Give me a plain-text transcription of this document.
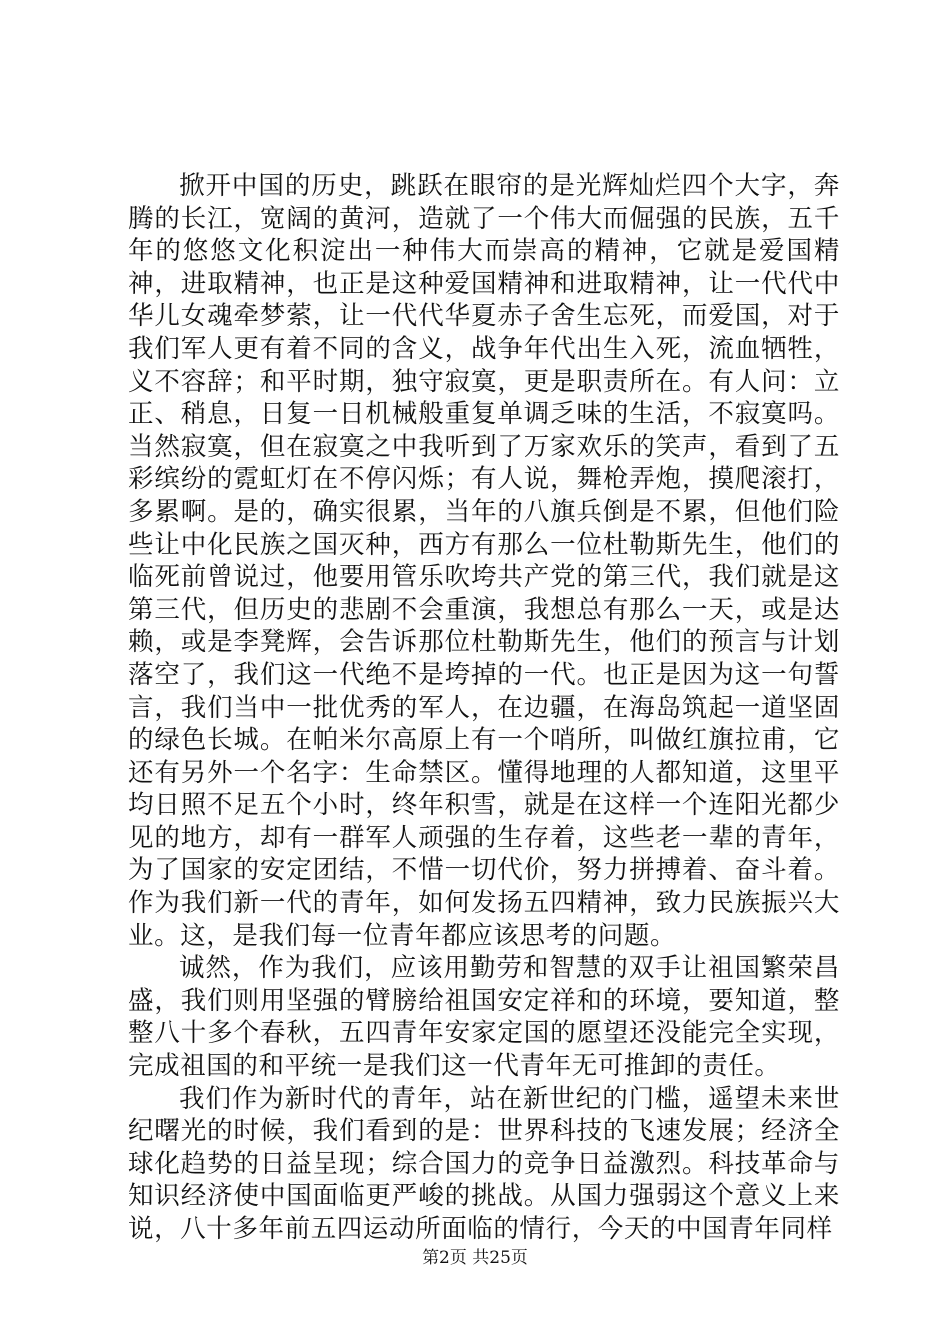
掀开中国的历史，跳跃在眼帘的是光辉灿烂四个大字，奔腾的长江，宽阔的黄河，造就了一个伟大而倔强的民族，五千年的悠悠文化积淀出一种伟大而崇高的精神，它就是爱国精神，进取精神，也正是这种爱国精神和进取精神，让一代代中华儿女魂牵梦萦，让一代代华夏赤子舍生忘死，而爱国，对于我们军人更有着不同的含义，战争年代出生入死，流血牺牲，义不容辞；和平时期，独守寂寞，更是职责所在。有人问：立正、稍息，日复一日机械般重复单调乏味的生活，不寂寞吗。当然寂寞，但在寂寞之中我听到了万家欢乐的笑声，看到了五彩缤纷的霓虹灯在不停闪烁；有人说，舞枪弄炮，摸爬滚打，多累啊。是的，确实很累，当年的八旗兵倒是不累，但他们险些让中化民族之国灭种，西方有那么一位杜勒斯先生，他们的临死前曾说过，他要用管乐吹垮共产党的第三代，我们就是这第三代，但历史的悲剧不会重演，我想总有那么一天，或是达赖，或是李凳辉，会告诉那位杜勒斯先生，他们的预言与计划落空了，我们这一代绝不是垮掉的一代。也正是因为这一句誓言，我们当中一批优秀的军人，在边疆，在海岛筑起一道坚固的绿色长城。在帕米尔高原上有一个哨所，叫做红旗拉甫，它还有另外一个名字：生命禁区。懂得地理的人都知道，这里平均日照不足五个小时，终年积雪，就是在这样一个连阳光都少见的地方，却有一群军人顽强的生存着，这些老一辈的青年，为了国家的安定团结，不惜一切代价，努力拼搏着、奋斗着。作为我们新一代的青年，如何发扬五四精神，致力民族振兴大业。这，是我们每一位青年都应该思考的问题。

诚然，作为我们，应该用勤劳和智慧的双手让祖国繁荣昌盛，我们则用坚强的臂膀给祖国安定祥和的环境，要知道，整整八十多个春秋，五四青年安家定国的愿望还没能完全实现，完成祖国的和平统一是我们这一代青年无可推卸的责任。

我们作为新时代的青年，站在新世纪的门槛，遥望未来世纪曙光的时候，我们看到的是：世界科技的飞速发展；经济全球化趋势的日益呈现；综合国力的竞争日益激烈。科技革命与知识经济使中国面临更严峻的挑战。从国力强弱这个意义上来说，八十多年前五四运动所面临的情行，今天的中国青年同样

第2页 共25页
